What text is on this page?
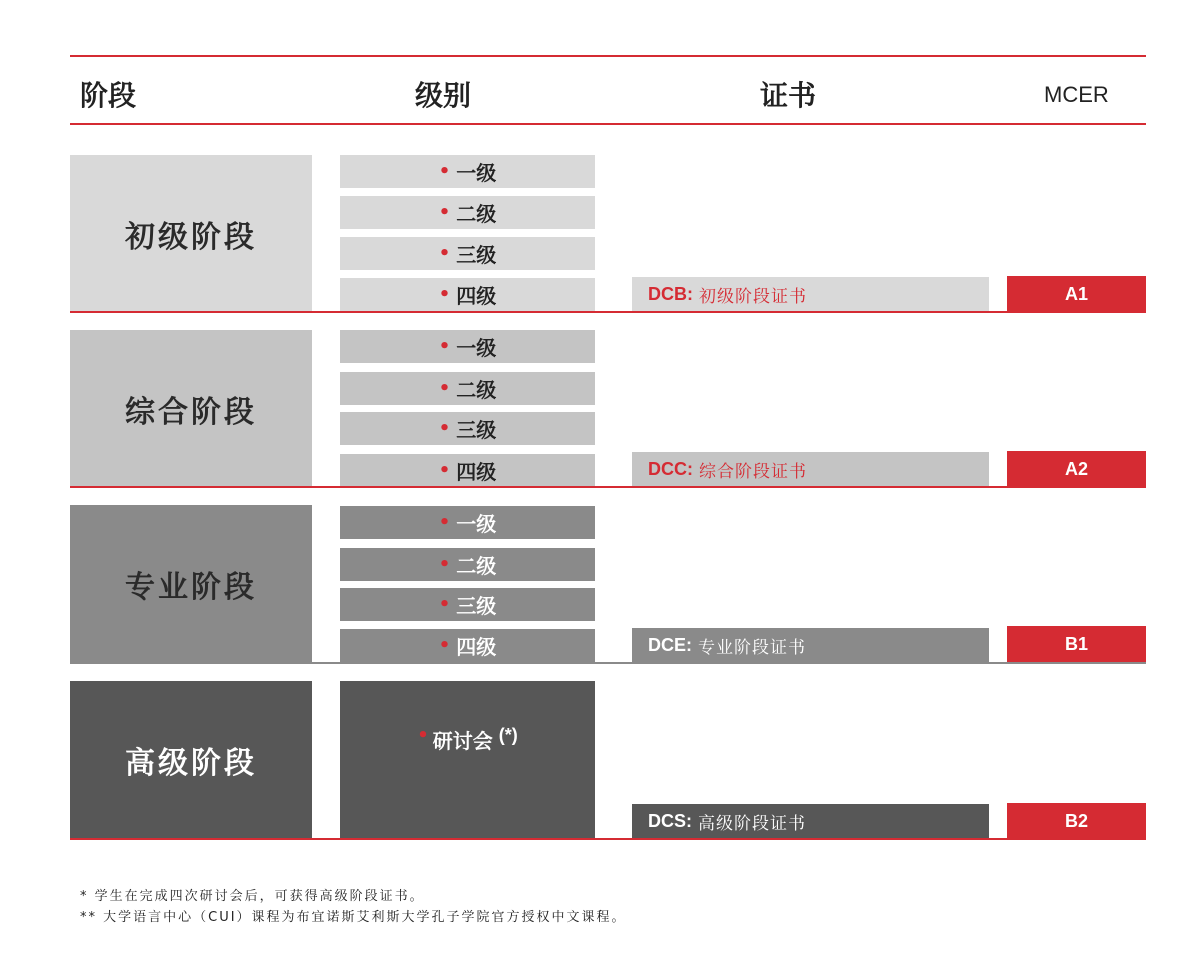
阶段	级别	证书	MCER
初级阶段
• 一级
• 二级
• 三级
• 四级	DCB: 初级阶段证书	A1
综合阶段
• 一级
• 二级
• 三级
• 四级	DCC: 综合阶段证书	A2
专业阶段
• 一级
• 二级
• 三级
• 四级	DCE: 专业阶段证书	B1
高级阶段
• 研讨会 (*)
DCS: 高级阶段证书	B2
* 学生在完成四次研讨会后，可获得高级阶段证书。
** 大学语言中心（CUI）课程为布宜诺斯艾利斯大学孔子学院官方授权中文课程。
